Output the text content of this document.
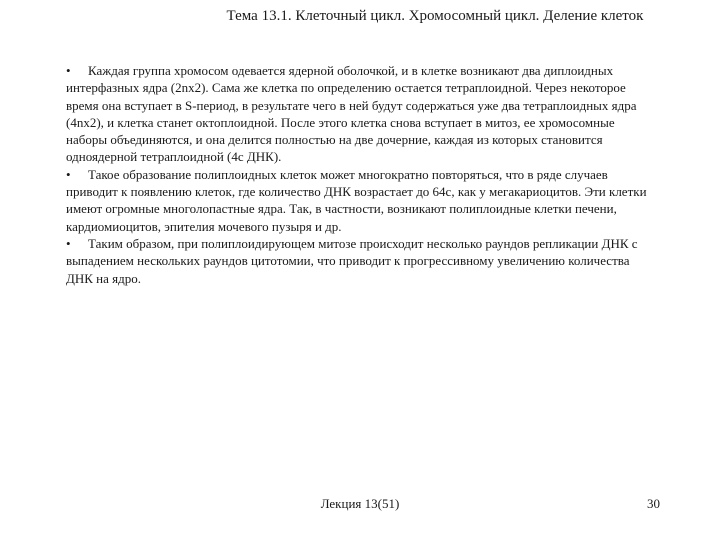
Тема 13.1. Клеточный цикл. Хромосомный цикл. Деление клеток

• Каждая группа хромосом одевается ядерной оболочкой, и в клетке возникают два диплоидных интерфазных ядра (2nх2). Сама же клетка по определению остается тетраплоидной. Через некоторое время она вступает в S-период, в результате чего в ней будут содержаться уже два тетраплоидных ядра (4nх2), и клетка станет октоплоидной. После этого клетка снова вступает в митоз, ее хромосомные наборы объединяются, и она делится полностью на две дочерние, каждая из которых становится одноядерной тетраплоидной (4c ДНК).

• Такое образование полиплоидных клеток может многократно повторяться, что в ряде случаев приводит к появлению клеток, где количество ДНК возрастает до 64c, как у мегакариоцитов. Эти клетки имеют огромные многолопастные ядра. Так, в частности, возникают полиплоидные клетки печени, кардиомиоцитов, эпителия мочевого пузыря и др.

• Таким образом, при полиплоидирующем митозе происходит несколько раундов репликации ДНК с выпадением нескольких раундов цитотомии, что приводит к прогрессивному увеличению количества ДНК на ядро.

Лекция 13(51)	30
